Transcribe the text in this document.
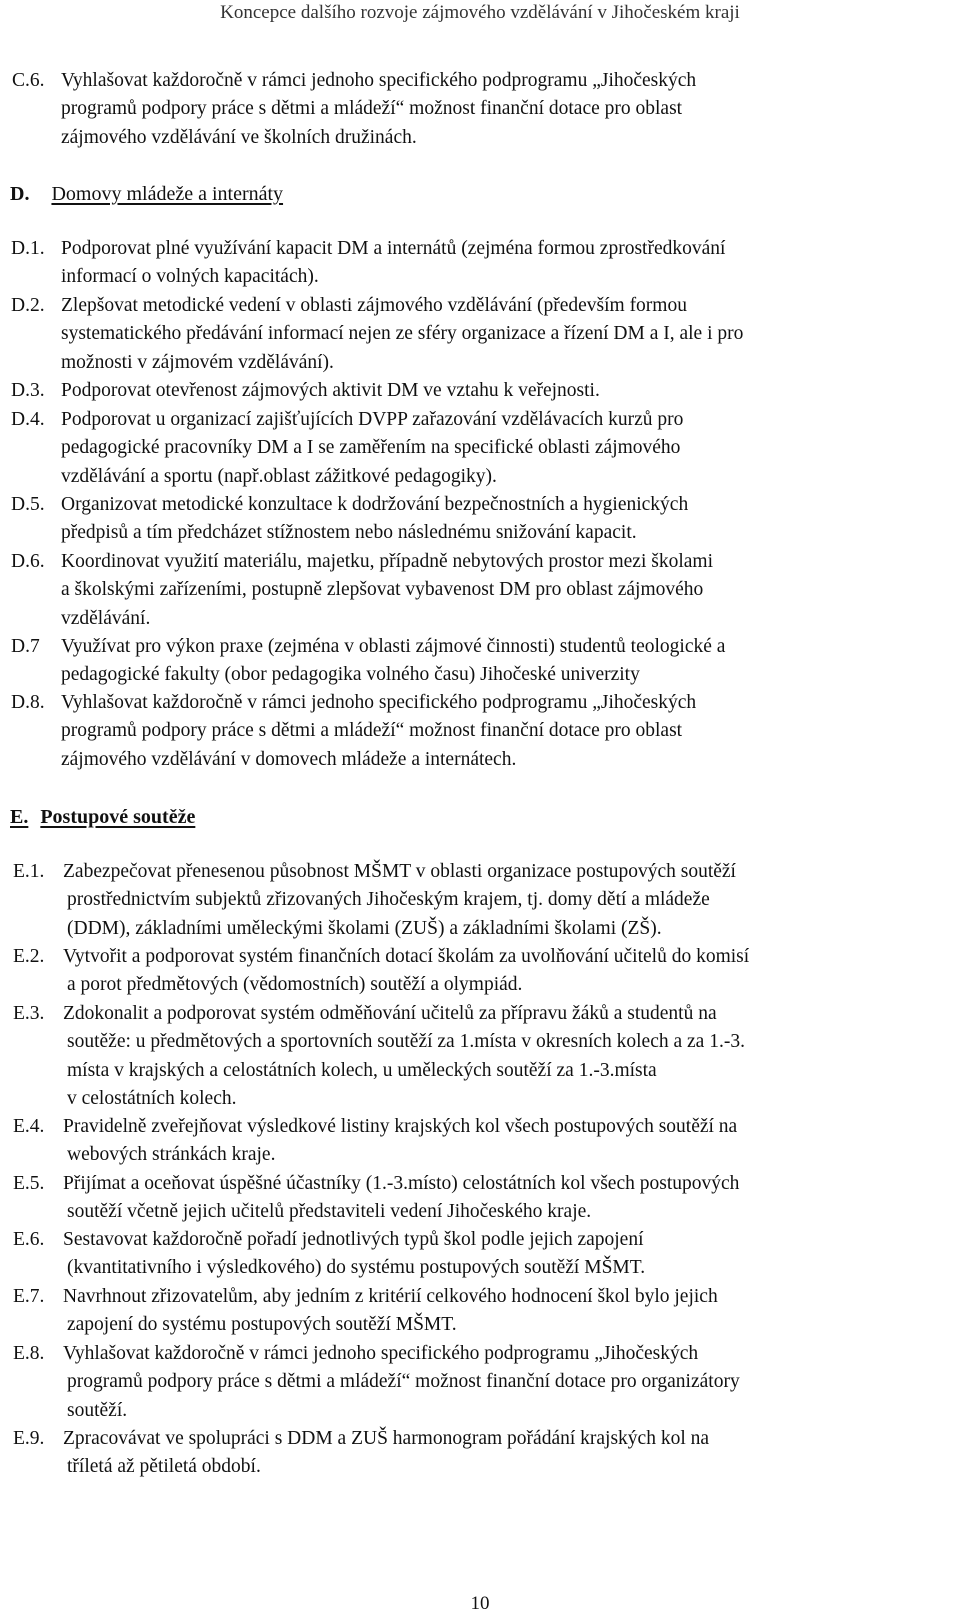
Koncepce dalšího rozvoje zájmového vzdělávání v Jihočeském kraji
C.6. Vyhlašovat každoročně v rámci jednoho specifického podprogramu „Jihočeských
programů podpory práce s dětmi a mládeží“ možnost finanční dotace pro oblast
zájmového vzdělávání ve školních družinách.
D. Domovy mládeže a internáty
D.1. Podporovat plné využívání kapacit DM a internátů (zejména formou zprostředkování
informací o volných kapacitách).
D.2. Zlepšovat metodické vedení v oblasti zájmového vzdělávání (především formou
systematického předávání informací nejen ze sféry organizace a řízení DM a I, ale i pro
možnosti v zájmovém vzdělávání).
D.3. Podporovat otevřenost zájmových aktivit DM ve vztahu k veřejnosti.
D.4. Podporovat u organizací zajišťujících DVPP zařazování vzdělávacích kurzů pro
pedagogické pracovníky DM a I se zaměřením na specifické oblasti zájmového
vzdělávání a sportu (např.oblast zážitkové pedagogiky).
D.5. Organizovat metodické konzultace k dodržování bezpečnostních a hygienických
předpisů a tím předcházet stížnostem nebo následnému snižování kapacit.
D.6. Koordinovat využití materiálu, majetku, případně nebytových prostor mezi školami
a školskými zařízeními, postupně zlepšovat vybavenost DM pro oblast zájmového
vzdělávání.
D.7 Využívat pro výkon praxe (zejména v oblasti zájmové činnosti) studentů teologické a
pedagogické fakulty (obor pedagogika volného času) Jihočeské univerzity
D.8. Vyhlašovat každoročně v rámci jednoho specifického podprogramu „Jihočeských
programů podpory práce s dětmi a mládeží“ možnost finanční dotace pro oblast
zájmového vzdělávání v domovech mládeže a internátech.
E. Postupové soutěže
E.1. Zabezpečovat přenesenou působnost MŠMT v oblasti organizace postupových soutěží
prostřednictvím subjektů zřizovaných Jihočeským krajem, tj. domy dětí a mládeže
(DDM), základními uměleckými školami (ZUŠ) a základními školami (ZŠ).
E.2. Vytvořit a podporovat systém finančních dotací školám za uvolňování učitelů do komisí
a porot předmětových (vědomostních) soutěží a olympiád.
E.3. Zdokonalit a podporovat systém odměňování učitelů za přípravu žáků a studentů na
soutěže: u předmětových a sportovních soutěží za 1.místa v okresních kolech a za 1.-3.
místa v krajských a celostátních kolech, u uměleckých soutěží za 1.-3.místa
v celostátních kolech.
E.4. Pravidelně zveřejňovat výsledkové listiny krajských kol všech postupových soutěží na
webových stránkách kraje.
E.5. Přijímat a oceňovat úspěšné účastníky (1.-3.místo) celostátních kol všech postupových
soutěží včetně jejich učitelů představiteli vedení Jihočeského kraje.
E.6. Sestavovat každoročně pořadí jednotlivých typů škol podle jejich zapojení
(kvantitativního i výsledkového) do systému postupových soutěží MŠMT.
E.7. Navrhnout zřizovatelům, aby jedním z kritérií celkového hodnocení škol bylo jejich
zapojení do systému postupových soutěží MŠMT.
E.8. Vyhlašovat každoročně v rámci jednoho specifického podprogramu „Jihočeských
programů podpory práce s dětmi a mládeží“ možnost finanční dotace pro organizátory
soutěží.
E.9. Zpracovávat ve spolupráci s DDM a ZUŠ harmonogram pořádání krajských kol na
tříletá až pětiletá období.
10
